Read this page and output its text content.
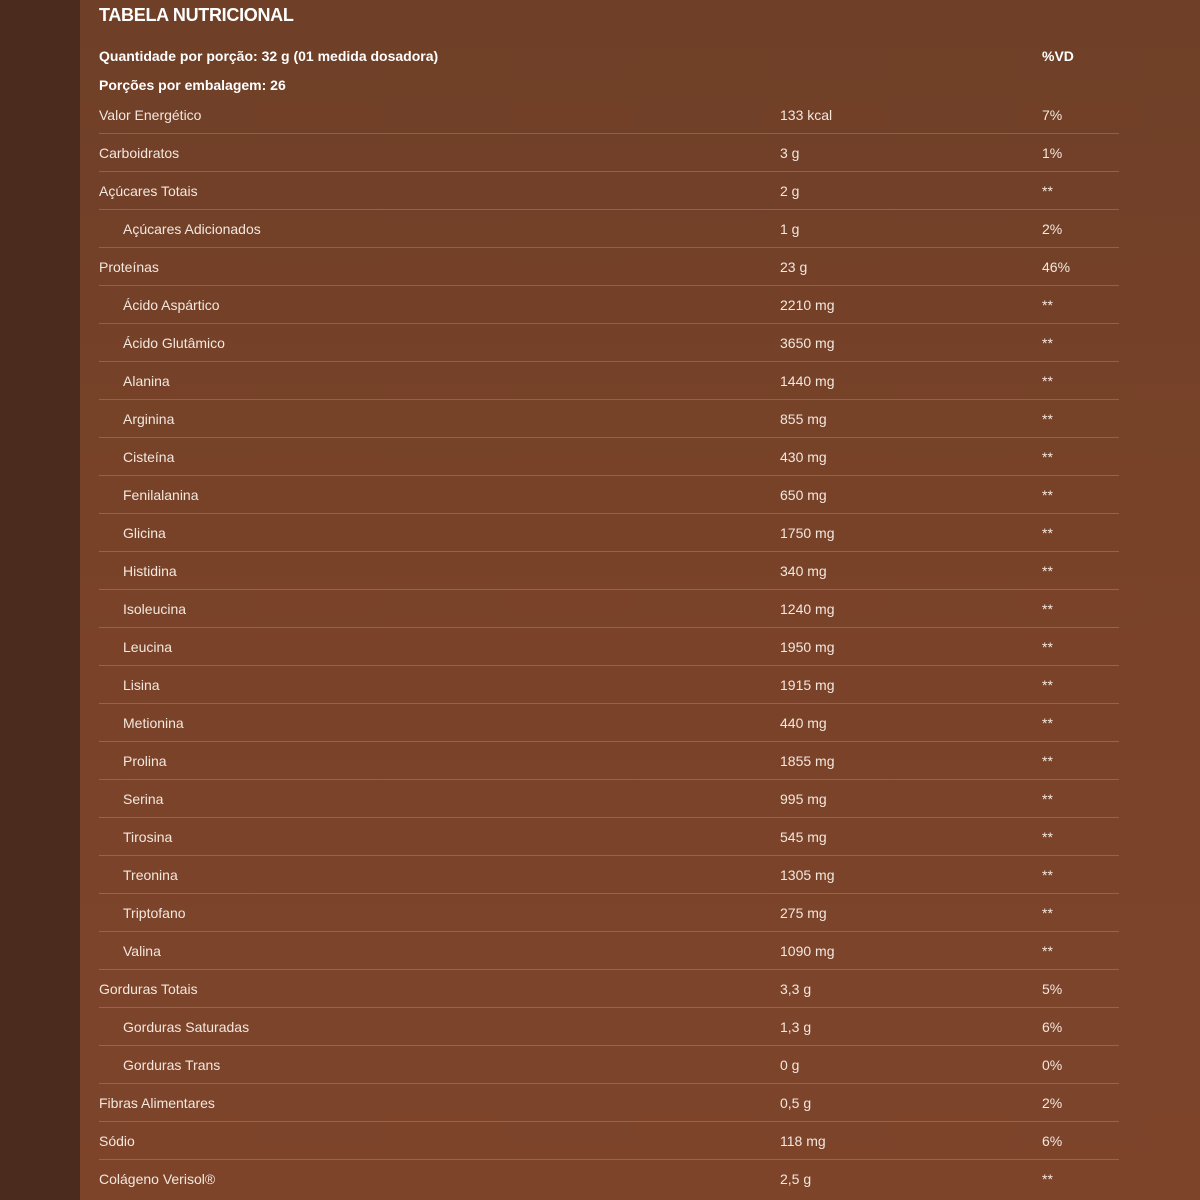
TABELA NUTRICIONAL
Quantidade por porção: 32 g (01 medida dosadora)	%VD
Porções por embalagem: 26
Valor Energético	133 kcal	7%
Carboidratos	3 g	1%
Açúcares Totais	2 g	**
Açúcares Adicionados	1 g	2%
Proteínas	23 g	46%
Ácido Aspártico	2210 mg	**
Ácido Glutâmico	3650 mg	**
Alanina	1440 mg	**
Arginina	855 mg	**
Cisteína	430 mg	**
Fenilalanina	650 mg	**
Glicina	1750 mg	**
Histidina	340 mg	**
Isoleucina	1240 mg	**
Leucina	1950 mg	**
Lisina	1915 mg	**
Metionina	440 mg	**
Prolina	1855 mg	**
Serina	995 mg	**
Tirosina	545 mg	**
Treonina	1305 mg	**
Triptofano	275 mg	**
Valina	1090 mg	**
Gorduras Totais	3,3 g	5%
Gorduras Saturadas	1,3 g	6%
Gorduras Trans	0 g	0%
Fibras Alimentares	0,5 g	2%
Sódio	118 mg	6%
Colágeno Verisol®	2,5 g	**
